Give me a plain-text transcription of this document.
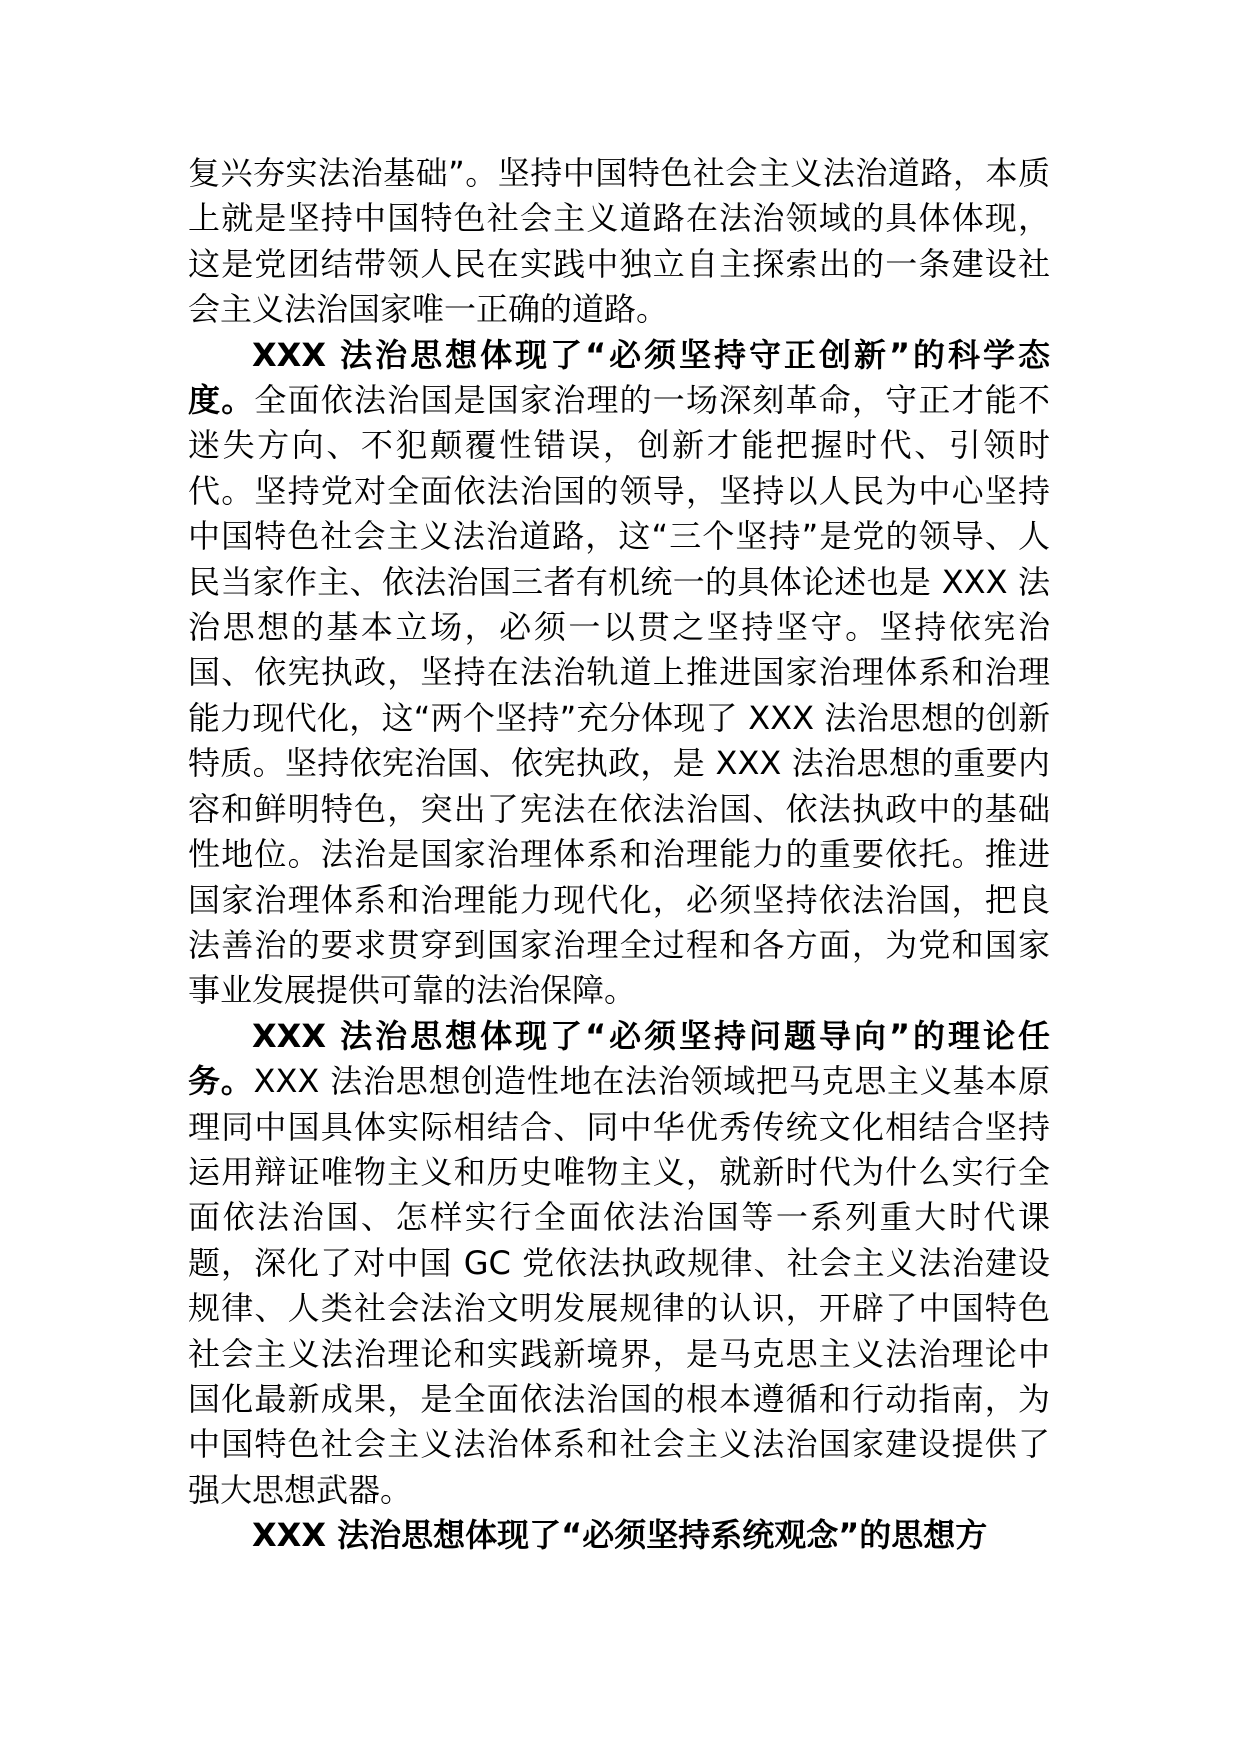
复兴夯实法治基础”。坚持中国特色社会主义法治道路，本质上就是坚持中国特色社会主义道路在法治领域的具体体现，这是党团结带领人民在实践中独立自主探索出的一条建设社会主义法治国家唯一正确的道路。

XXX 法治思想体现了“必须坚持守正创新”的科学态度。全面依法治国是国家治理的一场深刻革命，守正才能不迷失方向、不犯颠覆性错误，创新才能把握时代、引领时代。坚持党对全面依法治国的领导，坚持以人民为中心坚持中国特色社会主义法治道路，这“三个坚持”是党的领导、人民当家作主、依法治国三者有机统一的具体论述也是 XXX 法治思想的基本立场，必须一以贯之坚持坚守。坚持依宪治国、依宪执政，坚持在法治轨道上推进国家治理体系和治理能力现代化，这“两个坚持”充分体现了 XXX 法治思想的创新特质。坚持依宪治国、依宪执政，是 XXX 法治思想的重要内容和鲜明特色，突出了宪法在依法治国、依法执政中的基础性地位。法治是国家治理体系和治理能力的重要依托。推进国家治理体系和治理能力现代化，必须坚持依法治国，把良法善治的要求贯穿到国家治理全过程和各方面，为党和国家事业发展提供可靠的法治保障。

XXX 法治思想体现了“必须坚持问题导向”的理论任务。XXX 法治思想创造性地在法治领域把马克思主义基本原理同中国具体实际相结合、同中华优秀传统文化相结合坚持运用辩证唯物主义和历史唯物主义，就新时代为什么实行全面依法治国、怎样实行全面依法治国等一系列重大时代课题，深化了对中国 GC 党依法执政规律、社会主义法治建设规律、人类社会法治文明发展规律的认识，开辟了中国特色社会主义法治理论和实践新境界，是马克思主义法治理论中国化最新成果，是全面依法治国的根本遵循和行动指南，为中国特色社会主义法治体系和社会主义法治国家建设提供了强大思想武器。

XXX 法治思想体现了“必须坚持系统观念”的思想方
